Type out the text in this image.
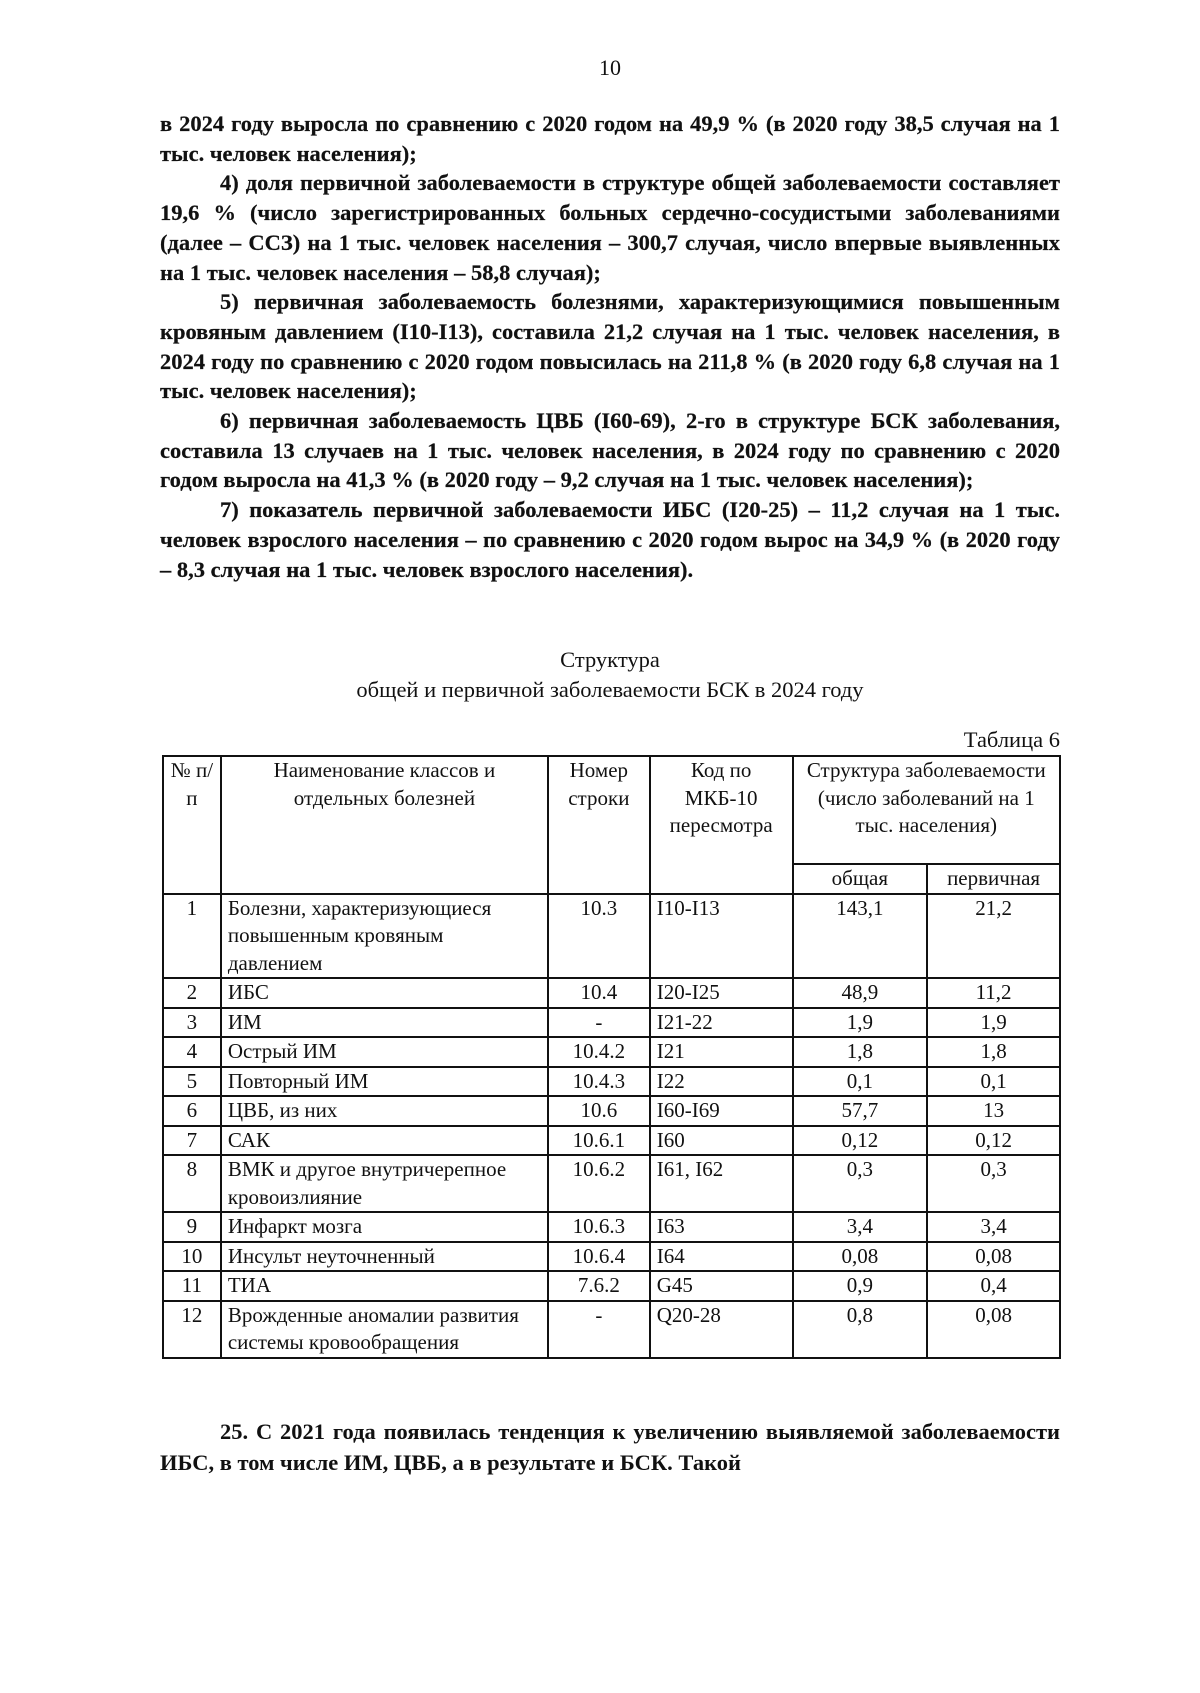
10

в 2024 году выросла по сравнению с 2020 годом на 49,9 % (в 2020 году 38,5 случая на 1 тыс. человек населения);

4) доля первичной заболеваемости в структуре общей заболеваемости составляет 19,6 % (число зарегистрированных больных сердечно-сосудистыми заболеваниями (далее – ССЗ) на 1 тыс. человек населения – 300,7 случая, число впервые выявленных на 1 тыс. человек населения – 58,8 случая);

5) первичная заболеваемость болезнями, характеризующимися повышенным кровяным давлением (I10-I13), составила 21,2 случая на 1 тыс. человек населения, в 2024 году по сравнению с 2020 годом повысилась на 211,8 % (в 2020 году 6,8 случая на 1 тыс. человек населения);

6) первичная заболеваемость ЦВБ (I60-69), 2-го в структуре БСК заболевания, составила 13 случаев на 1 тыс. человек населения, в 2024 году по сравнению с 2020 годом выросла на 41,3 % (в 2020 году – 9,2 случая на 1 тыс. человек населения);

7) показатель первичной заболеваемости ИБС (I20-25) – 11,2 случая на 1 тыс. человек взрослого населения – по сравнению с 2020 годом вырос на 34,9 % (в 2020 году – 8,3 случая на 1 тыс. человек взрослого населения).

Структура
общей и первичной заболеваемости БСК в 2024 году
Таблица 6
№ п/п	Наименование классов и отдельных болезней	Номер строки	Код по МКБ-10 пересмотра	Структура заболеваемости (число заболеваний на 1 тыс. населения)	
				общая	первичная
1	Болезни, характеризующиеся повышенным кровяным давлением	10.3	I10-I13	143,1	21,2
2	ИБС	10.4	I20-I25	48,9	11,2
3	ИМ	-	I21-22	1,9	1,9
4	Острый ИМ	10.4.2	I21	1,8	1,8
5	Повторный ИМ	10.4.3	I22	0,1	0,1
6	ЦВБ, из них	10.6	I60-I69	57,7	13
7	САК	10.6.1	I60	0,12	0,12
8	ВМК и другое внутричерепное кровоизлияние	10.6.2	I61, I62	0,3	0,3
9	Инфаркт мозга	10.6.3	I63	3,4	3,4
10	Инсульт неуточненный	10.6.4	I64	0,08	0,08
11	ТИА	7.6.2	G45	0,9	0,4
12	Врожденные аномалии развития системы кровообращения	-	Q20-28	0,8	0,08

25. С 2021 года появилась тенденция к увеличению выявляемой заболеваемости ИБС, в том числе ИМ, ЦВБ, а в результате и БСК. Такой
